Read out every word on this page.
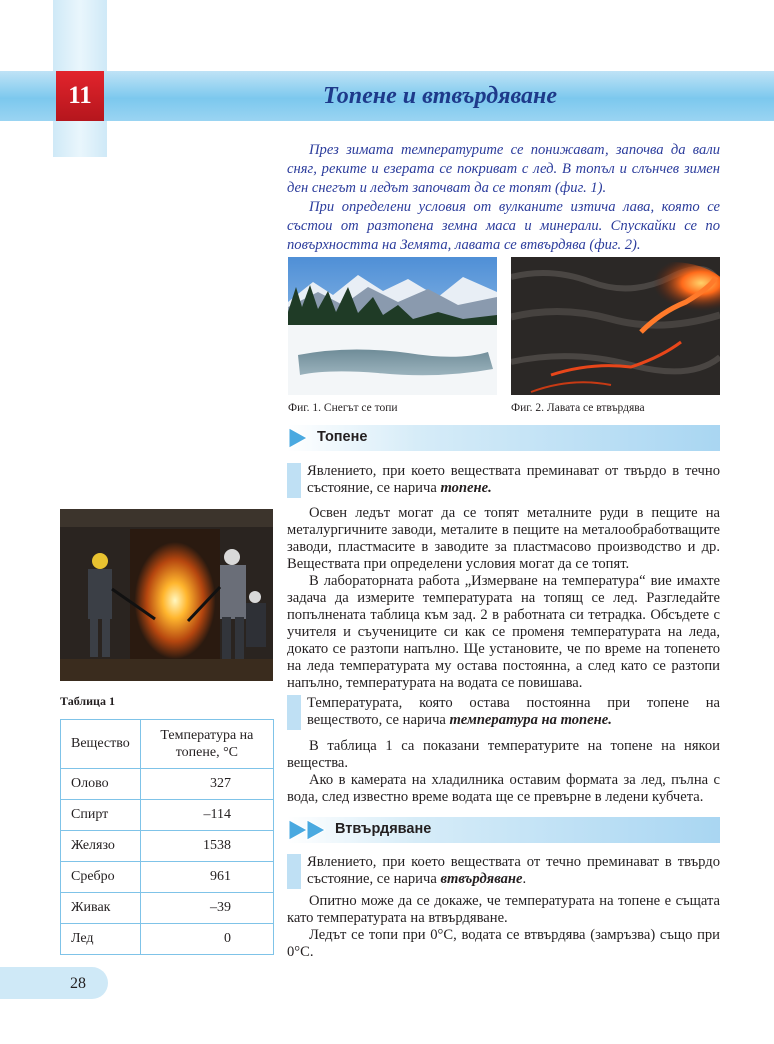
11	Топене и втвърдяване

През зимата температурите се понижават, започва да вали сняг, реките и езерата се покриват с лед. В топъл и слънчев зимен ден снегът и ледът започват да се топят (фиг. 1).

При определени условия от вулканите изтича лава, която се състои от разтопена земна маса и минерали. Спускайки се по повърхността на Земята, лавата се втвърдява (фиг. 2).

Фиг. 1. Снегът се топи	Фиг. 2. Лавата се втвърдява
Топене

Явлението, при което веществата преминават от твърдо в течно състояние, се нарича топене.

Освен ледът могат да се топят металните руди в пещите на металургичните заводи, металите в пещите на металообработващите заводи, пластмасите в заводите за пластмасово производство и др. Веществата при определени условия могат да се топят.

В лабораторната работа „Измерване на температура“ вие имахте задача да измерите температурата на топящ се лед. Разгледайте попълнената таблица към зад. 2 в работната си тетрадка. Обсъдете с учителя и съучениците си как се променя температурата на леда, докато се разтопи напълно. Ще установите, че по време на топенето на леда температурата му остава постоянна, а след като се разтопи напълно, температурата на водата се повишава.

Температурата, която остава постоянна при топене на веществото, се нарича температура на топене.

В таблица 1 са показани температурите на топене на някои вещества.

Ако в камерата на хладилника оставим формата за лед, пълна с вода, след известно време водата ще се превърне в ледени кубчета.

Втвърдяване

Явлението, при което веществата от течно преминават в твърдо състояние, се нарича втвърдяване.

Опитно може да се докаже, че температурата на топене е същата като температурата на втвърдяване.

Ледът се топи при 0°C, водата се втвърдява (замръзва) също при 0°C.

Таблица 1
Вещество	Температура на топене, °C
Олово	327
Спирт	–114
Желязо	1538
Сребро	961
Живак	–39
Лед	0
28
